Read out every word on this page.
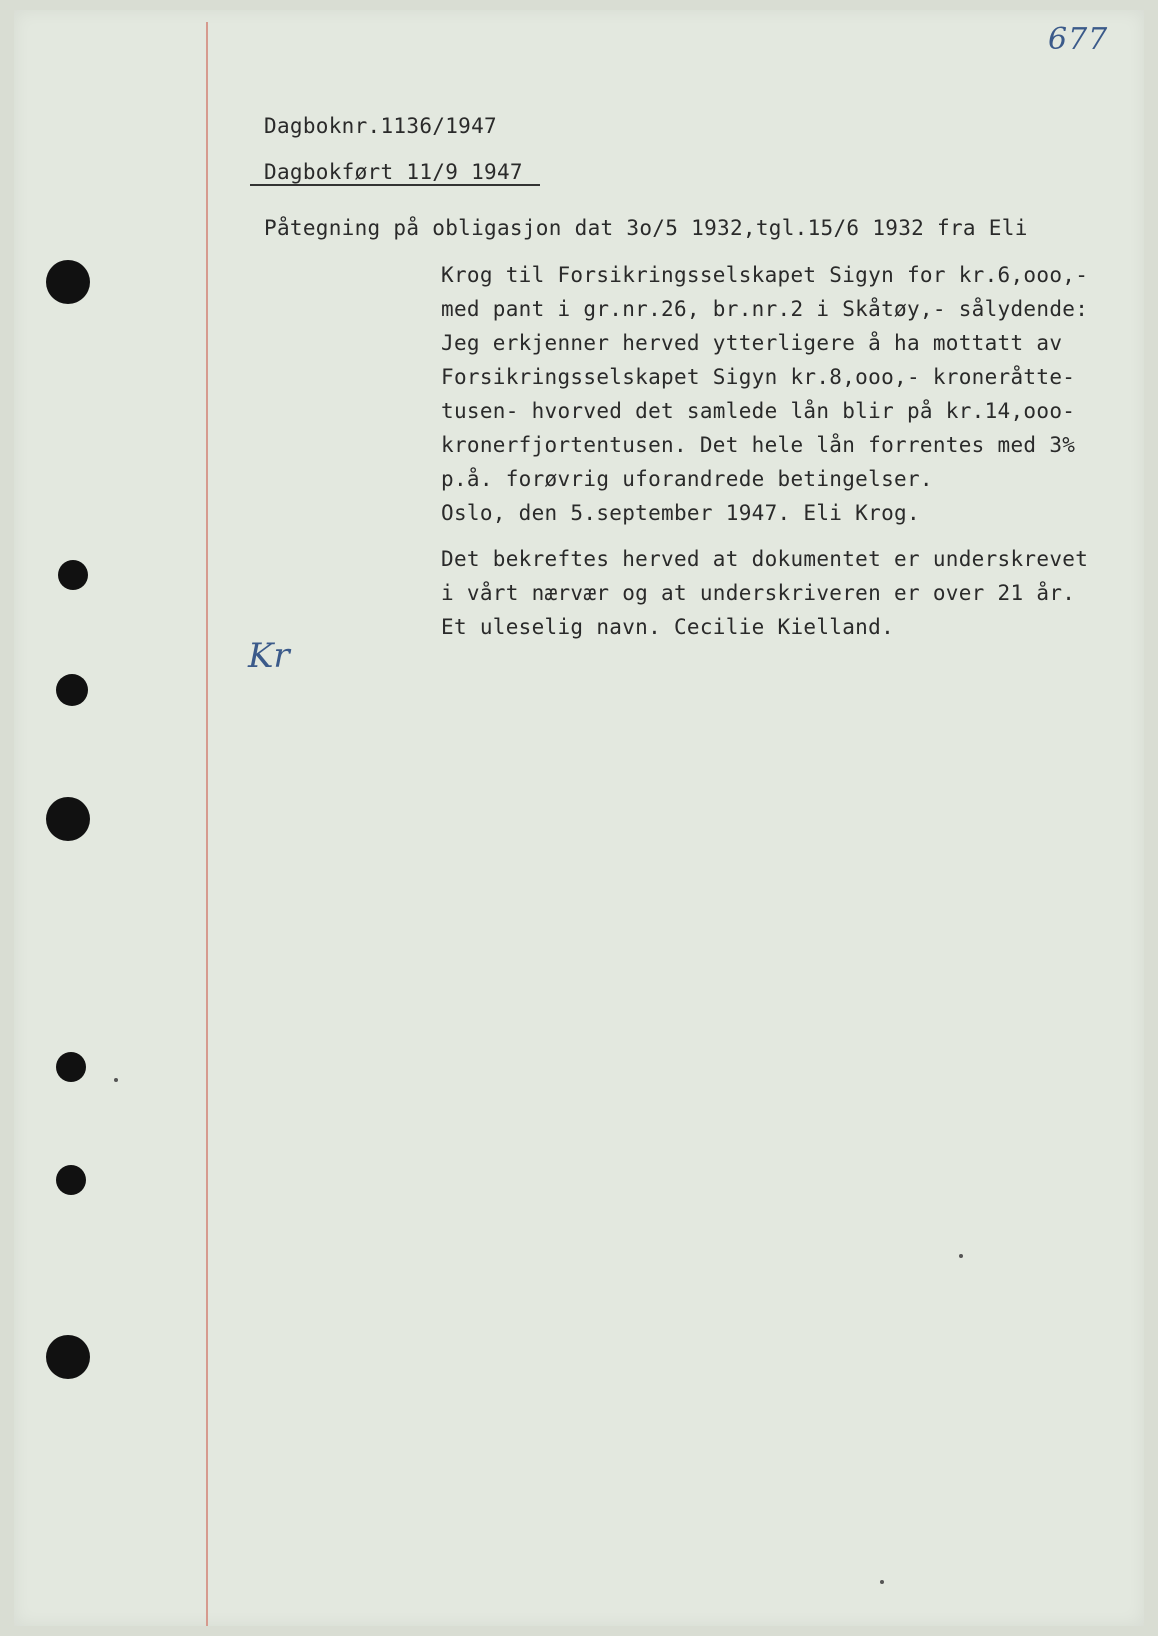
677
Dagboknr.1136/1947
Dagbokført 11/9 1947
Påtegning på obligasjon dat 3o/5 1932,tgl.15/6 1932 fra Eli
Krog til Forsikringsselskapet Sigyn for kr.6,ooo,-
med pant i gr.nr.26, br.nr.2 i Skåtøy,- sålydende:
Jeg erkjenner herved ytterligere å ha mottatt av
Forsikringsselskapet Sigyn kr.8,ooo,- kroneråtte-
tusen- hvorved det samlede lån blir på kr.14,ooo-
kronerfjortentusen. Det hele lån forrentes med 3%
p.å. forøvrig uforandrede betingelser.
Oslo, den 5.september 1947. Eli Krog.
Det bekreftes herved at dokumentet er underskrevet
i vårt nærvær og at underskriveren er over 21 år.
Et uleselig navn. Cecilie Kielland.
Kr
